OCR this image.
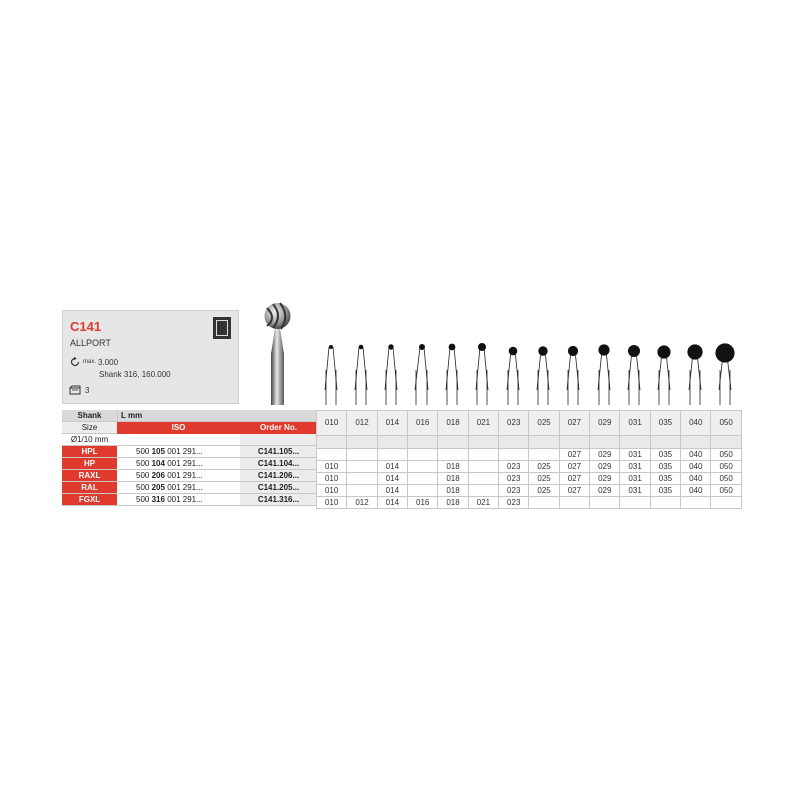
C141
ALLPORT
max. 3.000
Shank 316, 160.000
3
Shank	L mm
Size	ISO	Order No.
Ø1/10 mm
HPL	500 105 001 291...	C141.105...
HP	500 104 001 291...	C141.104...
RAXL	500 206 001 291...	C141.206...
RAL	500 205 001 291...	C141.205...
FGXL	500 316 001 291...	C141.316...
010	012	014	016	018	021	023	025	027	029	031	035	040	050

								027	029	031	035	040	050
010		014		018		023	025	027	029	031	035	040	050
010		014		018		023	025	027	029	031	035	040	050
010		014		018		023	025	027	029	031	035	040	050
010	012	014	016	018	021	023							
